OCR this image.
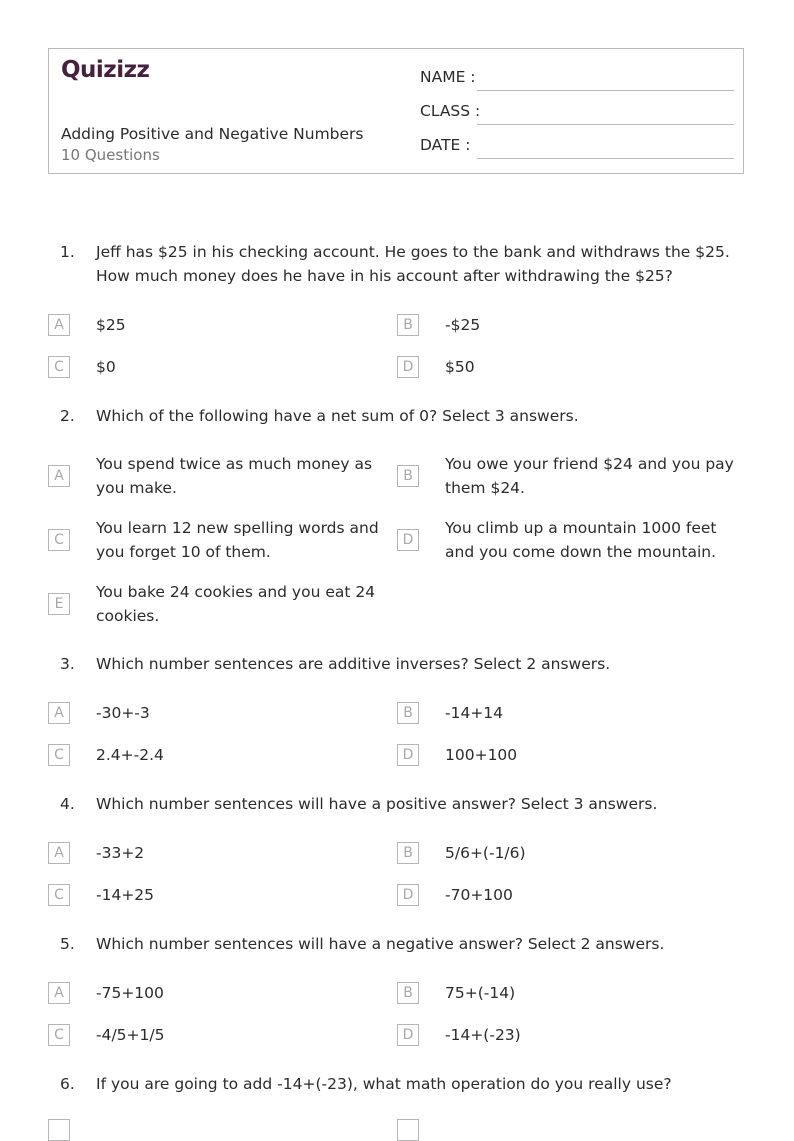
Quizizz
Adding Positive and Negative Numbers
10 Questions
NAME :
CLASS :
DATE :
1. Jeff has $25 in his checking account. He goes to the bank and withdraws the $25. How much money does he have in his account after withdrawing the $25?
A	$25	B	-$25
C	$0	D	$50
2. Which of the following have a net sum of 0? Select 3 answers.
A
You spend twice as much money as you make.
B
You owe your friend $24 and you pay them $24.
C
You learn 12 new spelling words and you forget 10 of them.
D
You climb up a mountain 1000 feet and you come down the mountain.
E
You bake 24 cookies and you eat 24 cookies.
3. Which number sentences are additive inverses? Select 2 answers.
A	-30+-3	B	-14+14
C	2.4+-2.4	D	100+100
4. Which number sentences will have a positive answer? Select 3 answers.
A	-33+2	B	5/6+(-1/6)
C	-14+25	D	-70+100
5. Which number sentences will have a negative answer? Select 2 answers.
A	-75+100	B	75+(-14)
C	-4/5+1/5	D	-14+(-23)
6. If you are going to add -14+(-23), what math operation do you really use?
